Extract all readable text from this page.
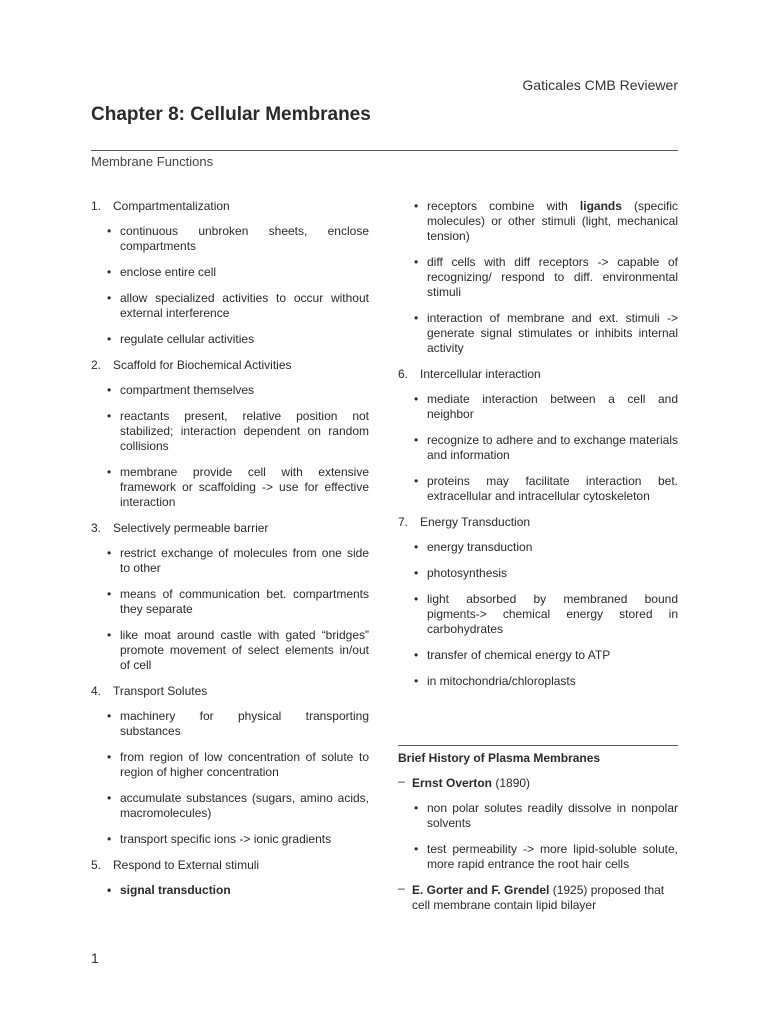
Gaticales CMB Reviewer
Chapter 8: Cellular Membranes
Membrane Functions
1. Compartmentalization
• continuous unbroken sheets, enclose compartments
• enclose entire cell
• allow specialized activities to occur without external interference
• regulate cellular activities
2. Scaffold for Biochemical Activities
• compartment themselves
• reactants present, relative position not stabilized; interaction dependent on random collisions
• membrane provide cell with extensive framework or scaffolding -> use for effective interaction
3. Selectively permeable barrier
• restrict exchange of molecules from one side to other
• means of communication bet. compartments they separate
• like moat around castle with gated “bridges” promote movement of select elements in/out of cell
4. Transport Solutes
• machinery for physical transporting substances
• from region of low concentration of solute to region of higher concentration
• accumulate substances (sugars, amino acids, macromolecules)
• transport specific ions -> ionic gradients
5. Respond to External stimuli
• signal transduction
• receptors combine with ligands (specific molecules) or other stimuli (light, mechanical tension)
• diff cells with diff receptors -> capable of recognizing/ respond to diff. environmental stimuli
• interaction of membrane and ext. stimuli -> generate signal stimulates or inhibits internal activity
6. Intercellular interaction
• mediate interaction between a cell and neighbor
• recognize to adhere and to exchange materials and information
• proteins may facilitate interaction bet. extracellular and intracellular cytoskeleton
7. Energy Transduction
• energy transduction
• photosynthesis
• light absorbed by membraned bound pigments-> chemical energy stored in carbohydrates
• transfer of chemical energy to ATP
• in mitochondria/chloroplasts
Brief History of Plasma Membranes
– Ernst Overton (1890)
• non polar solutes readily dissolve in nonpolar solvents
• test permeability -> more lipid-soluble solute, more rapid entrance the root hair cells
– E. Gorter and F. Grendel (1925) proposed that cell membrane contain lipid bilayer
1
